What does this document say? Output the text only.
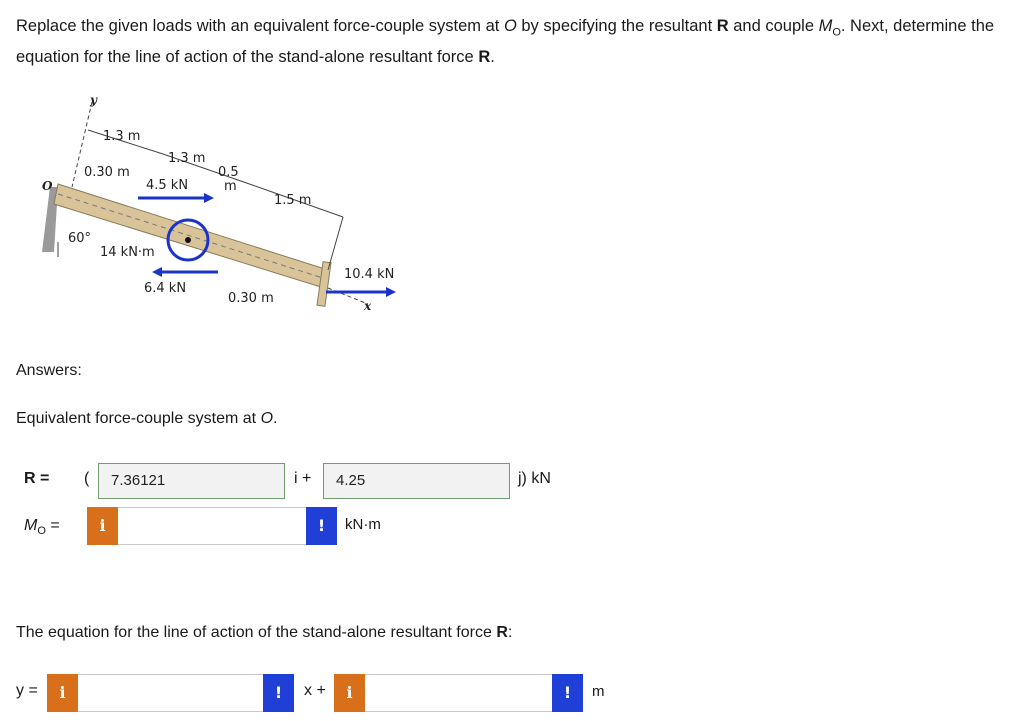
Replace the given loads with an equivalent force-couple system at O by specifying the resultant R and couple $M_O$. Next, determine the equation for the line of action of the stand-alone resultant force R.
y
x
O
60°
1.3 m
1.3 m
0.30 m	0.5
m
1.5 m
0.30 m
4.5 kN
14 kN·m
6.4 kN
10.4 kN
Answers:
Equivalent force-couple system at O.
R = (	7.36121	i +	4.25	j) kN
$M_O$ =	i	!	kN·m
The equation for the line of action of the stand-alone resultant force R:
y =	i	!	x +	i	!	m
